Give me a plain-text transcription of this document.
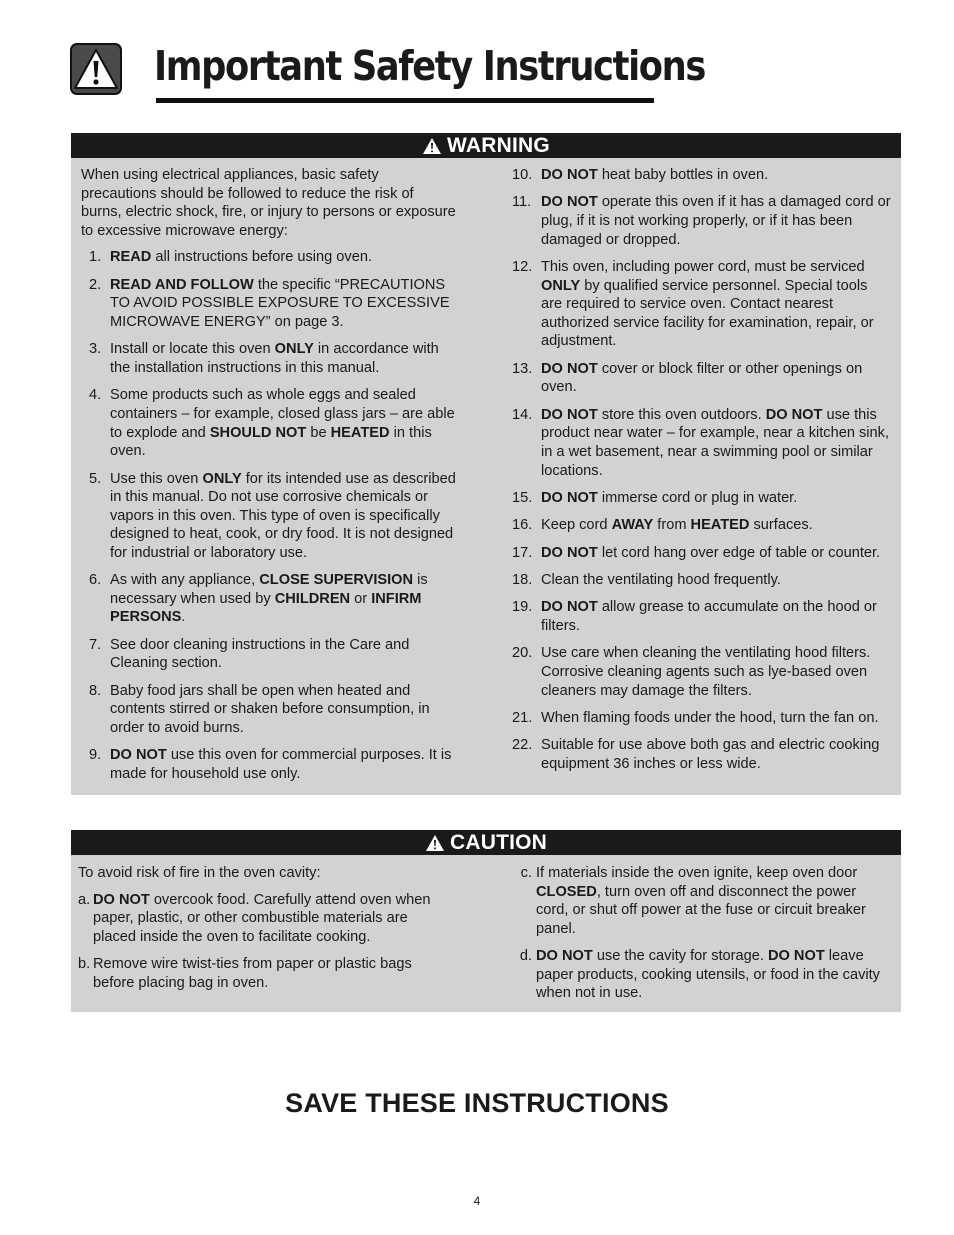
Important Safety Instructions
WARNING

When using electrical appliances, basic safety precautions should be followed to reduce the risk of burns, electric shock, fire, or injury to persons or exposure to excessive microwave energy:

1. READ all instructions before using oven.
2. READ AND FOLLOW the specific “PRECAUTIONS TO AVOID POSSIBLE EXPOSURE TO EXCESSIVE MICROWAVE ENERGY” on page 3.
3. Install or locate this oven ONLY in accordance with the installation instructions in this manual.
4. Some products such as whole eggs and sealed containers – for example, closed glass jars – are able to explode and SHOULD NOT be HEATED in this oven.
5. Use this oven ONLY for its intended use as described in this manual. Do not use corrosive chemicals or vapors in this oven. This type of oven is specifically designed to heat, cook, or dry food. It is not designed for industrial or laboratory use.
6. As with any appliance, CLOSE SUPERVISION is necessary when used by CHILDREN or INFIRM PERSONS.
7. See door cleaning instructions in the Care and Cleaning section.
8. Baby food jars shall be open when heated and contents stirred or shaken before consumption, in order to avoid burns.
9. DO NOT use this oven for commercial purposes. It is made for household use only.
10. DO NOT heat baby bottles in oven.
11. DO NOT operate this oven if it has a damaged cord or plug, if it is not working properly, or if it has been damaged or dropped.
12. This oven, including power cord, must be serviced ONLY by qualified service personnel. Special tools are required to service oven. Contact nearest authorized service facility for examination, repair, or adjustment.
13. DO NOT cover or block filter or other openings on oven.
14. DO NOT store this oven outdoors. DO NOT use this product near water – for example, near a kitchen sink, in a wet basement, near a swimming pool or similar locations.
15. DO NOT immerse cord or plug in water.
16. Keep cord AWAY from HEATED surfaces.
17. DO NOT let cord hang over edge of table or counter.
18. Clean the ventilating hood frequently.
19. DO NOT allow grease to accumulate on the hood or filters.
20. Use care when cleaning the ventilating hood filters. Corrosive cleaning agents such as lye-based oven cleaners may damage the filters.
21. When flaming foods under the hood, turn the fan on.
22. Suitable for use above both gas and electric cooking equipment 36 inches or less wide.
CAUTION

To avoid risk of fire in the oven cavity:

a. DO NOT overcook food. Carefully attend oven when paper, plastic, or other combustible materials are placed inside the oven to facilitate cooking.
b. Remove wire twist-ties from paper or plastic bags before placing bag in oven.
c. If materials inside the oven ignite, keep oven door CLOSED, turn oven off and disconnect the power cord, or shut off power at the fuse or circuit breaker panel.
d. DO NOT use the cavity for storage. DO NOT leave paper products, cooking utensils, or food in the cavity when not in use.
SAVE THESE INSTRUCTIONS
4
